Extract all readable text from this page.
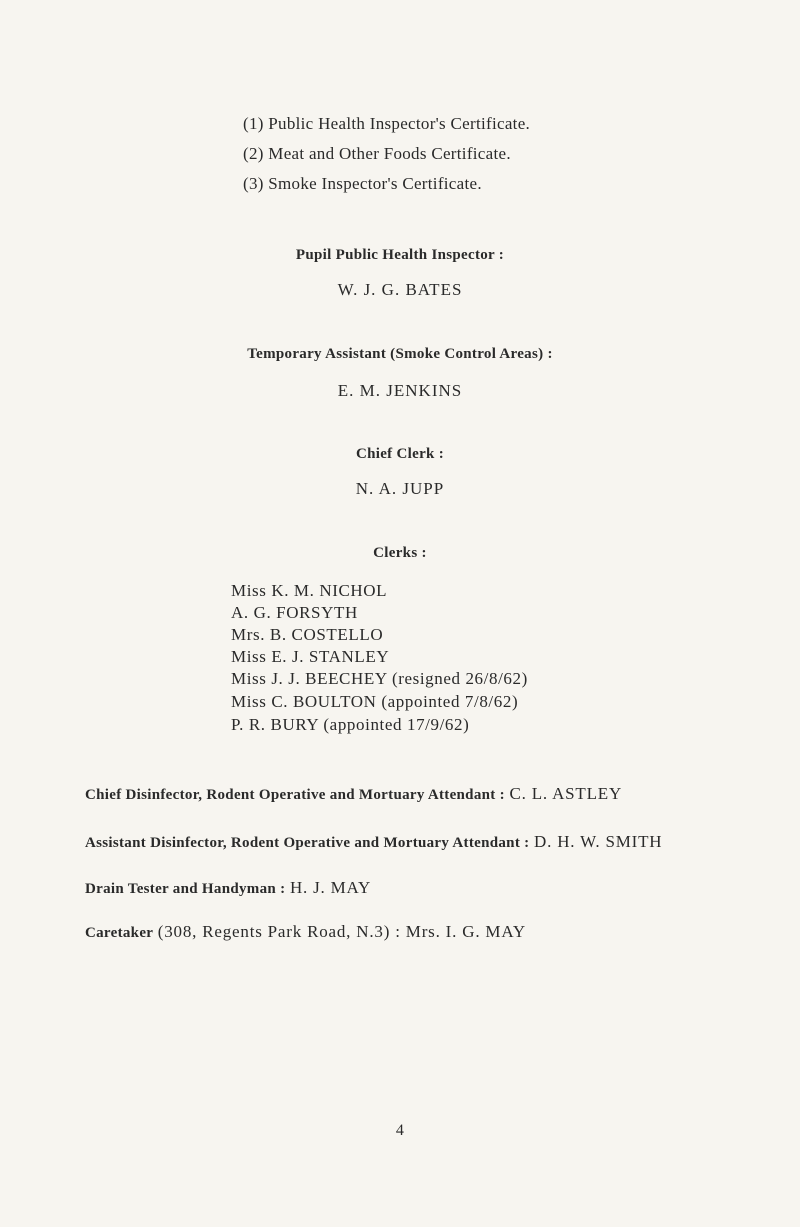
(1) Public Health Inspector's Certificate.
(2) Meat and Other Foods Certificate.
(3) Smoke Inspector's Certificate.
Pupil Public Health Inspector :
W. J. G. BATES
Temporary Assistant (Smoke Control Areas) :
E. M. JENKINS
Chief Clerk :
N. A. JUPP
Clerks :
Miss K. M. NICHOL
A. G. FORSYTH
Mrs. B. COSTELLO
Miss E. J. STANLEY
Miss J. J. BEECHEY (resigned 26/8/62)
Miss C. BOULTON (appointed 7/8/62)
P. R. BURY (appointed 17/9/62)
Chief Disinfector, Rodent Operative and Mortuary Attendant : C. L. ASTLEY
Assistant Disinfector, Rodent Operative and Mortuary Attendant : D. H. W. SMITH
Drain Tester and Handyman : H. J. MAY
Caretaker (308, Regents Park Road, N.3) : Mrs. I. G. MAY
4
